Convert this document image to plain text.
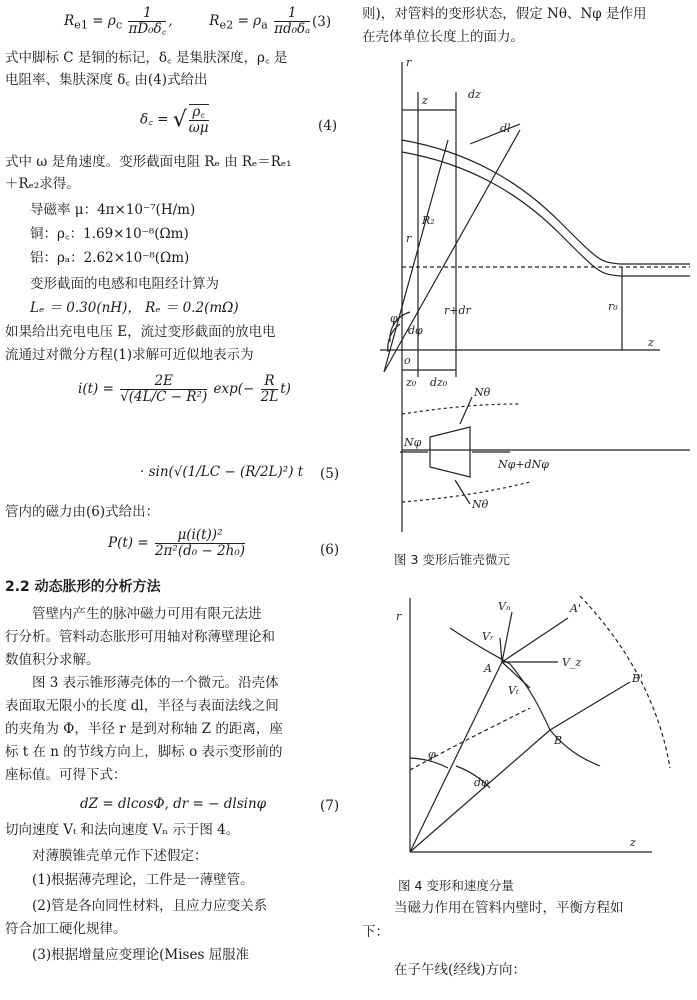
$R_{e1} = \rho_c \frac{1}{\text{πD₀δ꜀}}$ ,  $R_{e2} = \rho_a \frac{1}{\text{πd₀δₐ}} (3)$
式中脚标 C 是铜的标记，δ꜀ 是集肤深度，ρ꜀ 是
电阻率、集肤深度 δ꜀ 由(4)式给出
δ꜀ = √ $\frac{\rho꜀}{\omega\mu}$	(4)
式中 ω 是角速度。变形截面电阻 Rₑ 由 Rₑ＝Rₑ₁
＋Rₑ₂求得。
导磁率 μ：4π×10⁻⁷(H/m)
铜：ρ꜀：1.69×10⁻⁸(Ωm)
铝：ρₐ：2.62×10⁻⁸(Ωm)
变形截面的电感和电阻经计算为
Lₑ ＝ 0.30(nH)， Rₑ ＝ 0.2(mΩ)
如果给出充电电压 E，流过变形截面的放电电
流通过对微分方程(1)求解可近似地表示为
$i(t) = \frac{2E}{\text{√(4L/C − R²)}} \exp(- \frac{R}{2L} t)$
· sin(√(1/LC − (R/2L)²) t (5)
管内的磁力由(6)式给出：
$P(t) = \frac{\text{μ(i(t))²}}{\text{2π²(d₀ − 2h₀)}}$	(6)
2.2 动态胀形的分析方法
管壁内产生的脉冲磁力可用有限元法进
行分析。管料动态胀形可用轴对称薄壁理论和
数值积分求解。
图 3 表示锥形薄壳体的一个微元。沿壳体
表面取无限小的长度 dl，半径与表面法线之间
的夹角为 Φ，半径 r 是到对称轴 Z 的距离，座
标 t 在 n 的节线方向上，脚标 o 表示变形前的
座标值。可得下式：
dZ = dlcosΦ, dr = − dlsinφ	(7)
切向速度 Vₜ 和法向速度 Vₙ 示于图 4。
对薄膜锥壳单元作下述假定：
(1)根据薄壳理论，工件是一薄壁管。
(2)管是各向同性材料，且应力应变关系
符合加工硬化规律。
(3)根据增量应变理论(Mises 屈服准
则)，对管料的变形状态，假定 Nθ、Nφ 是作用
在壳体单位长度上的面力。
r
z
z	dz
dl
R₂
r
r+dr
φ
dφ
r₀
o
z₀ dz₀
Nθ
Nφ
Nφ+dNφ
Nθ
图 3 变形后锥壳微元
r
z
Vₙ
Vᵣ
V_z
Vₜ
A
A'
B
B'
φ
dφ
图 4 变形和速度分量
当磁力作用在管料内壁时，平衡方程如
下：
在子午线(经线)方向：
